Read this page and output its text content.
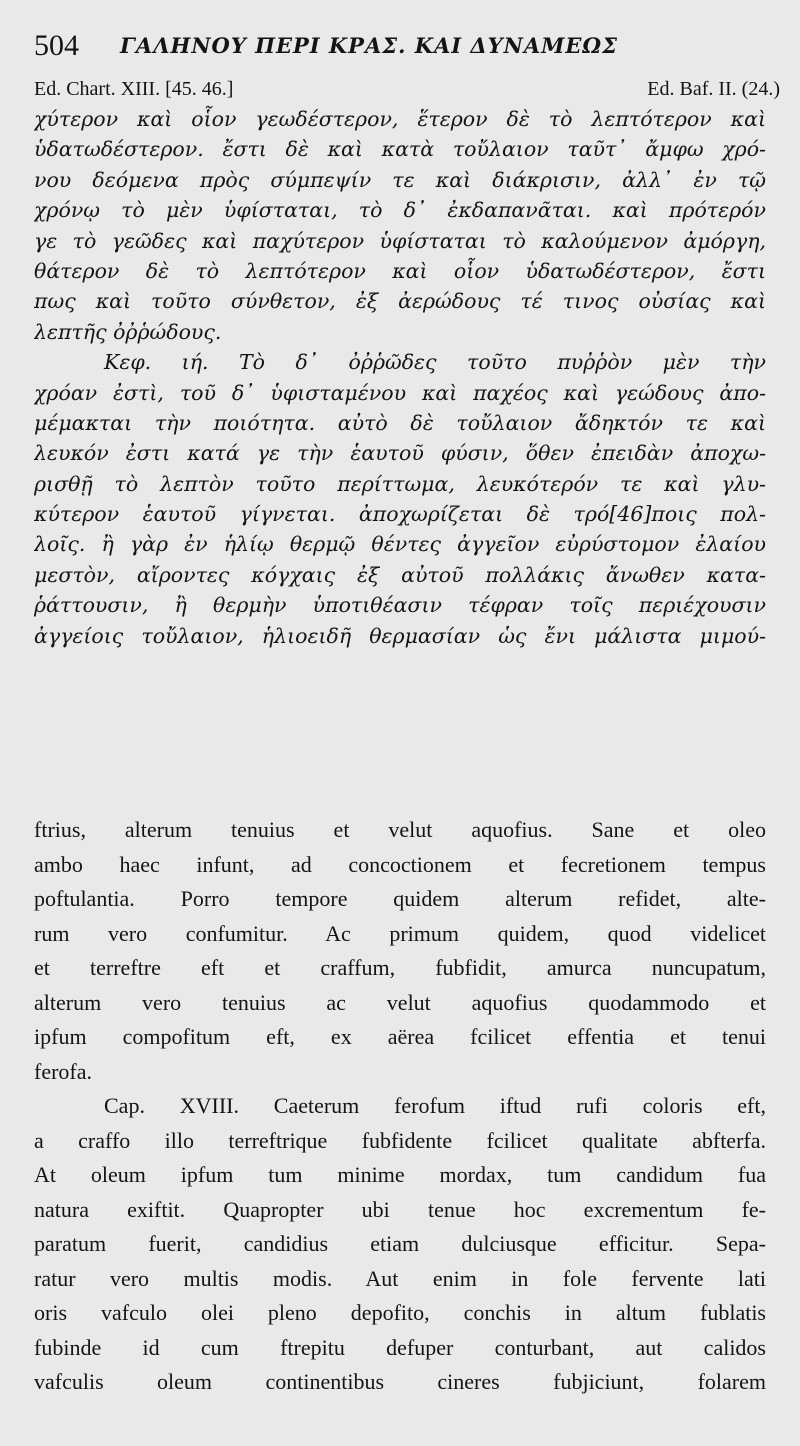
504 ΓΑΛΗΝΟΥ ΠΕΡΙ ΚΡΑΣ. ΚΑΙ ΔΥΝΑΜΕΩΣ
Ed. Chart. XIII. [45. 46.]	Ed. Baf. II. (24.)
χύτερον καὶ οἷον γεωδέστερον, ἕτερον δὲ τὸ λεπτότερον καὶ
ὑδατωδέστερον. ἔστι δὲ καὶ κατὰ τοὔλαιον ταῦτ᾽ ἄμφω χρό-
νου δεόμενα πρὸς σύμπεψίν τε καὶ διάκρισιν, ἀλλ᾽ ἐν τῷ
χρόνῳ τὸ μὲν ὑφίσταται, τὸ δ᾽ ἐκδαπανᾶται. καὶ πρότερόν
γε τὸ γεῶδες καὶ παχύτερον ὑφίσταται τὸ καλούμενον ἀμόργη,
θάτερον δὲ τὸ λεπτότερον καὶ οἷον ὑδατωδέστερον, ἔστι
πως καὶ τοῦτο σύνθετον, ἐξ ἀερώδους τέ τινος οὐσίας καὶ
λεπτῆς ὀῤῥώδους.
Κεφ. ιή. Τὸ δ᾽ ὀῤῥῶδες τοῦτο πυῤῥὸν μὲν τὴν
χρόαν ἐστὶ, τοῦ δ᾽ ὑφισταμένου καὶ παχέος καὶ γεώδους ἀπο-
μέμακται τὴν ποιότητα. αὐτὸ δὲ τοὔλαιον ἄδηκτόν τε καὶ
λευκόν ἐστι κατά γε τὴν ἑαυτοῦ φύσιν, ὅθεν ἐπειδὰν ἀποχω-
ρισθῇ τὸ λεπτὸν τοῦτο περίττωμα, λευκότερόν τε καὶ γλυ-
κύτερον ἑαυτοῦ γίγνεται. ἀποχωρίζεται δὲ τρό[46]ποις πολ-
λοῖς. ἢ γὰρ ἐν ἡλίῳ θερμῷ θέντες ἀγγεῖον εὐρύστομον ἐλαίου
μεστὸν, αἴροντες κόγχαις ἐξ αὐτοῦ πολλάκις ἄνωθεν κατα-
ῥάττουσιν, ἢ θερμὴν ὑποτιθέασιν τέφραν τοῖς περιέχουσιν
ἀγγείοις τοὔλαιον, ἡλιοειδῆ θερμασίαν ὡς ἔνι μάλιστα μιμού-
ftrius, alterum tenuius et velut aquofius. Sane et oleo
ambo haec infunt, ad concoctionem et fecretionem tempus
poftulantia. Porro tempore quidem alterum refidet, alte-
rum vero confumitur. Ac primum quidem, quod videlicet
et terreftre eft et craffum, fubfidit, amurca nuncupatum,
alterum vero tenuius ac velut aquofius quodammodo et
ipfum compofitum eft, ex aërea fcilicet effentia et tenui
ferofa.
Cap. XVIII. Caeterum ferofum iftud rufi coloris eft,
a craffo illo terreftrique fubfidente fcilicet qualitate abfterfa.
At oleum ipfum tum minime mordax, tum candidum fua
natura exiftit. Quapropter ubi tenue hoc excrementum fe-
paratum fuerit, candidius etiam dulciusque efficitur. Sepa-
ratur vero multis modis. Aut enim in fole fervente lati
oris vafculo olei pleno depofito, conchis in altum fublatis
fubinde id cum ftrepitu defuper conturbant, aut calidos
vafculis oleum continentibus cineres fubjiciunt, folarem
